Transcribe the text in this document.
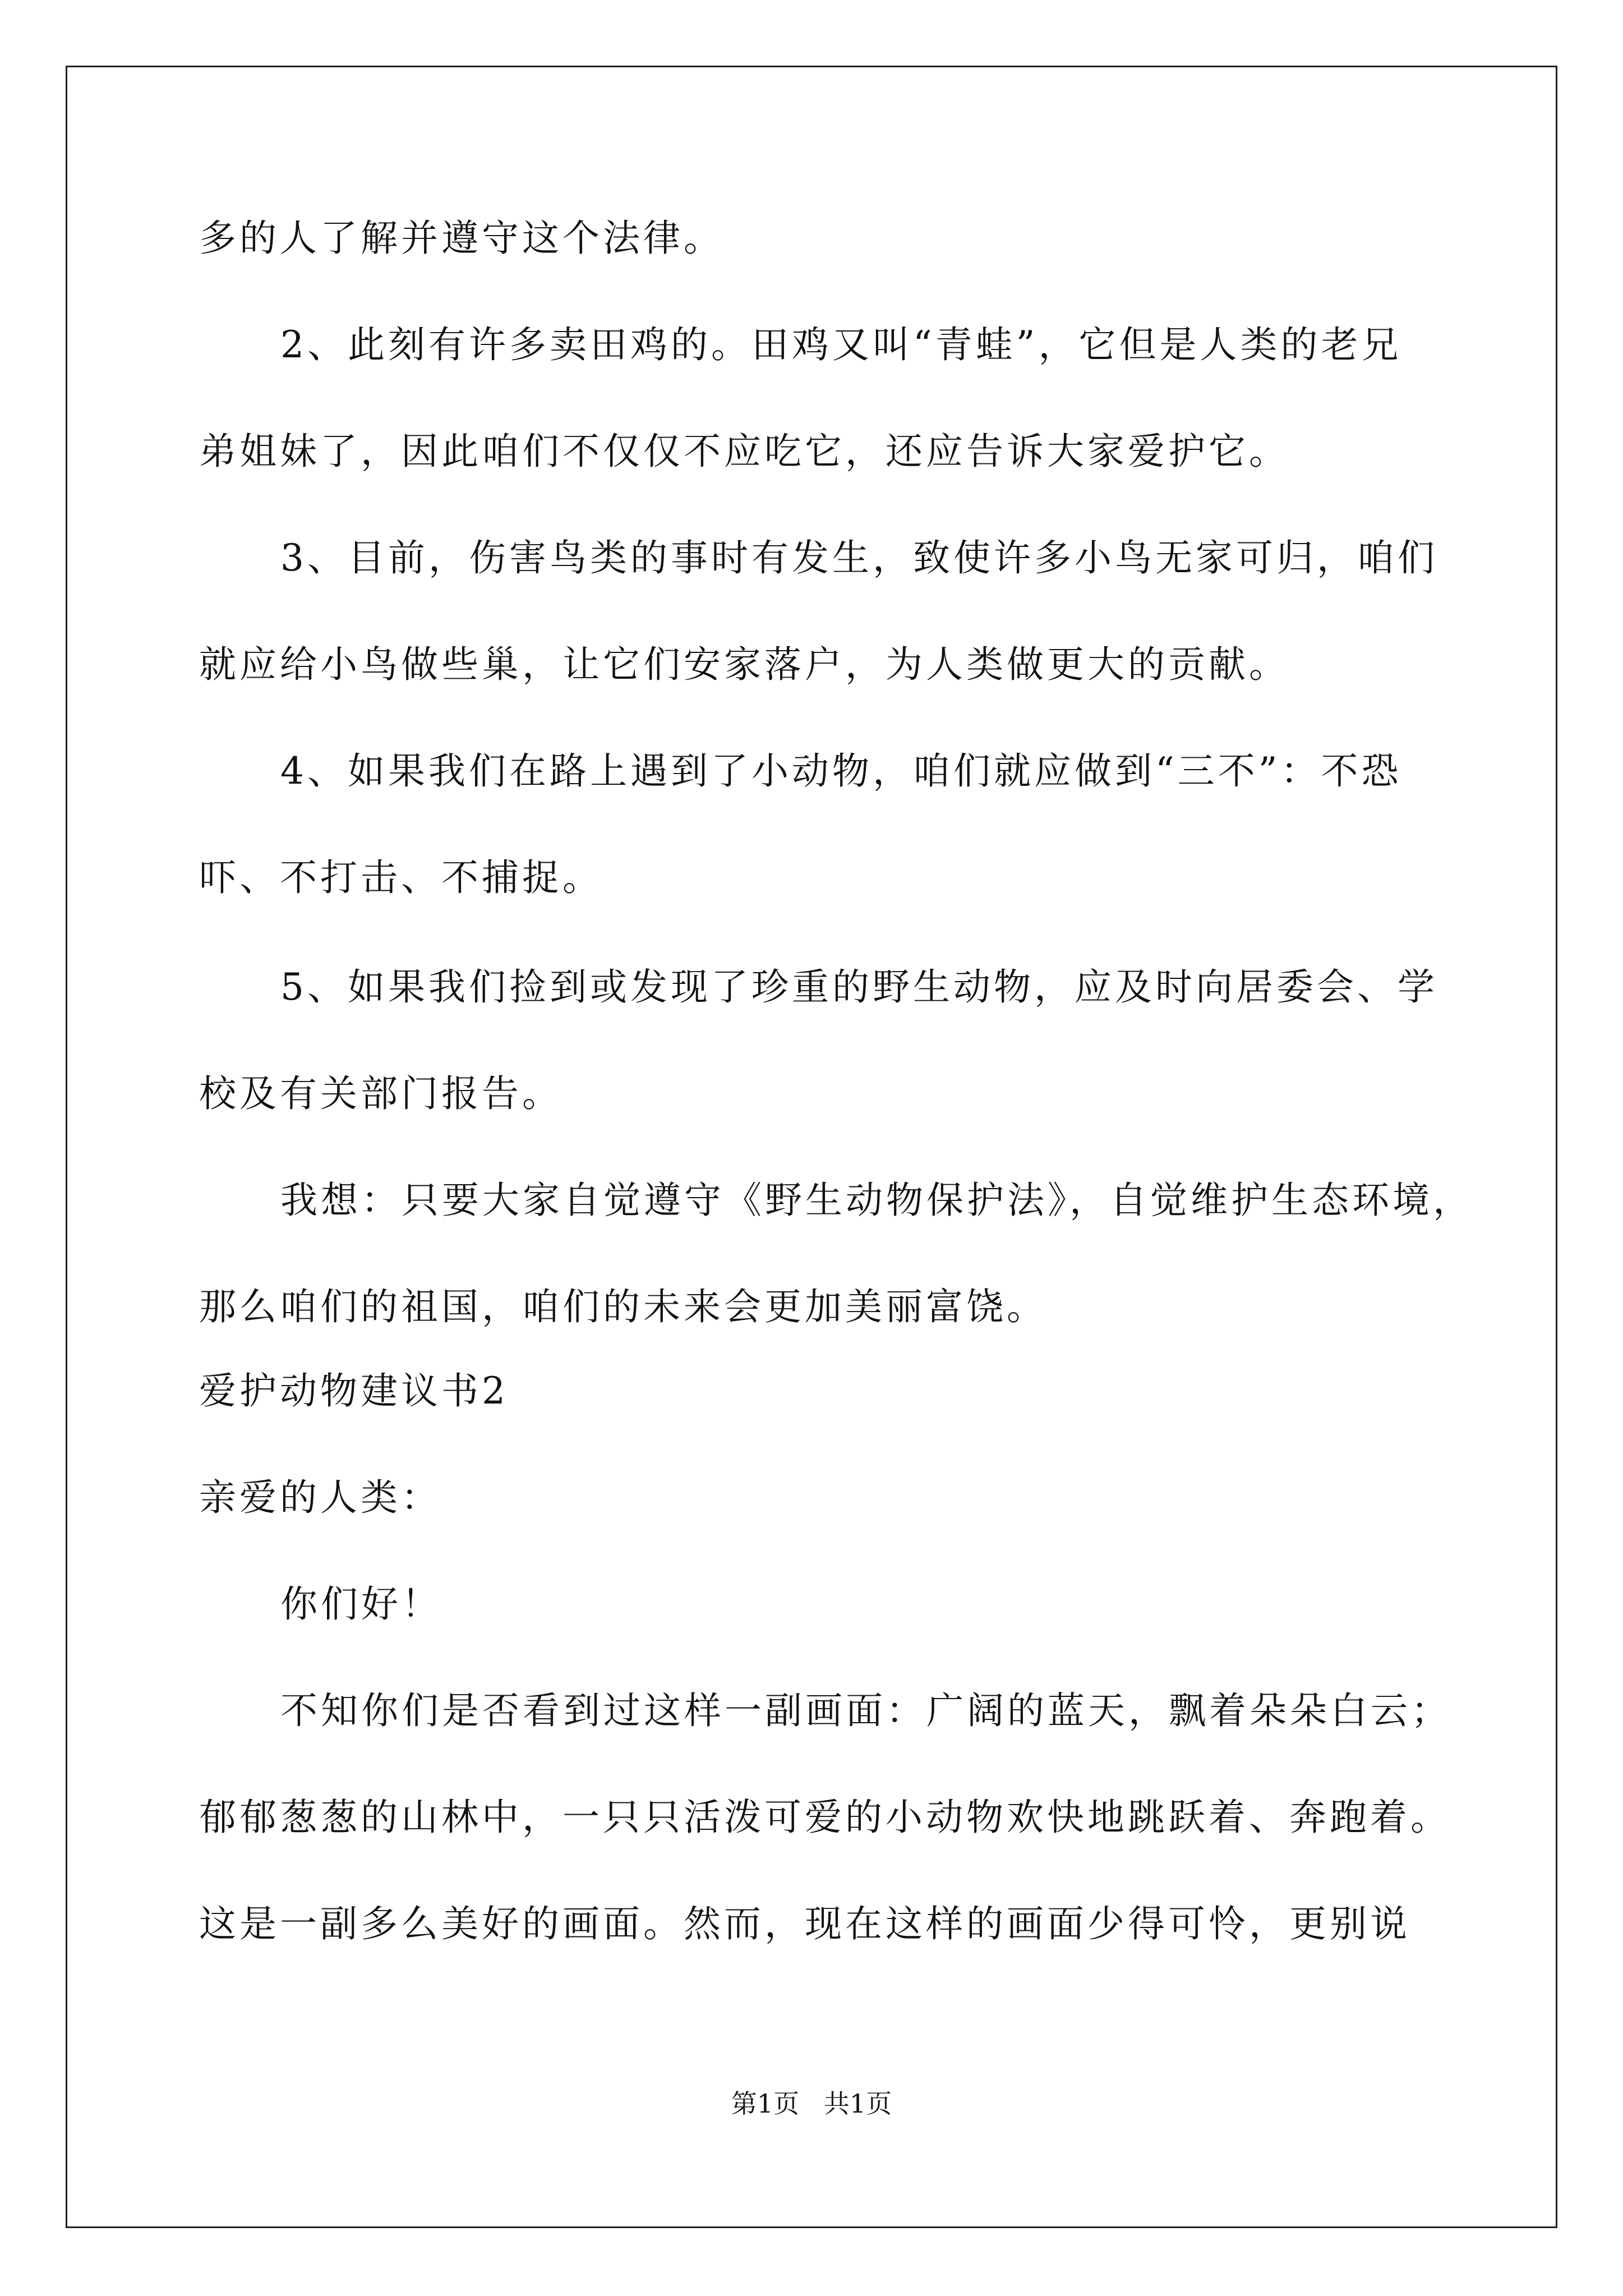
多的人了解并遵守这个法律。
2、此刻有许多卖田鸡的。田鸡又叫“青蛙”，它但是人类的老兄
弟姐妹了，因此咱们不仅仅不应吃它，还应告诉大家爱护它。
3、目前，伤害鸟类的事时有发生，致使许多小鸟无家可归，咱们
就应给小鸟做些巢，让它们安家落户，为人类做更大的贡献。
4、如果我们在路上遇到了小动物，咱们就应做到“三不”：不恐
吓、不打击、不捕捉。
5、如果我们捡到或发现了珍重的野生动物，应及时向居委会、学
校及有关部门报告。
我想：只要大家自觉遵守《野生动物保护法》，自觉维护生态环境，
那么咱们的祖国，咱们的未来会更加美丽富饶。
爱护动物建议书2
亲爱的人类：
你们好！
不知你们是否看到过这样一副画面：广阔的蓝天，飘着朵朵白云；
郁郁葱葱的山林中，一只只活泼可爱的小动物欢快地跳跃着、奔跑着。
这是一副多么美好的画面。然而，现在这样的画面少得可怜，更别说
第1页   共1页
